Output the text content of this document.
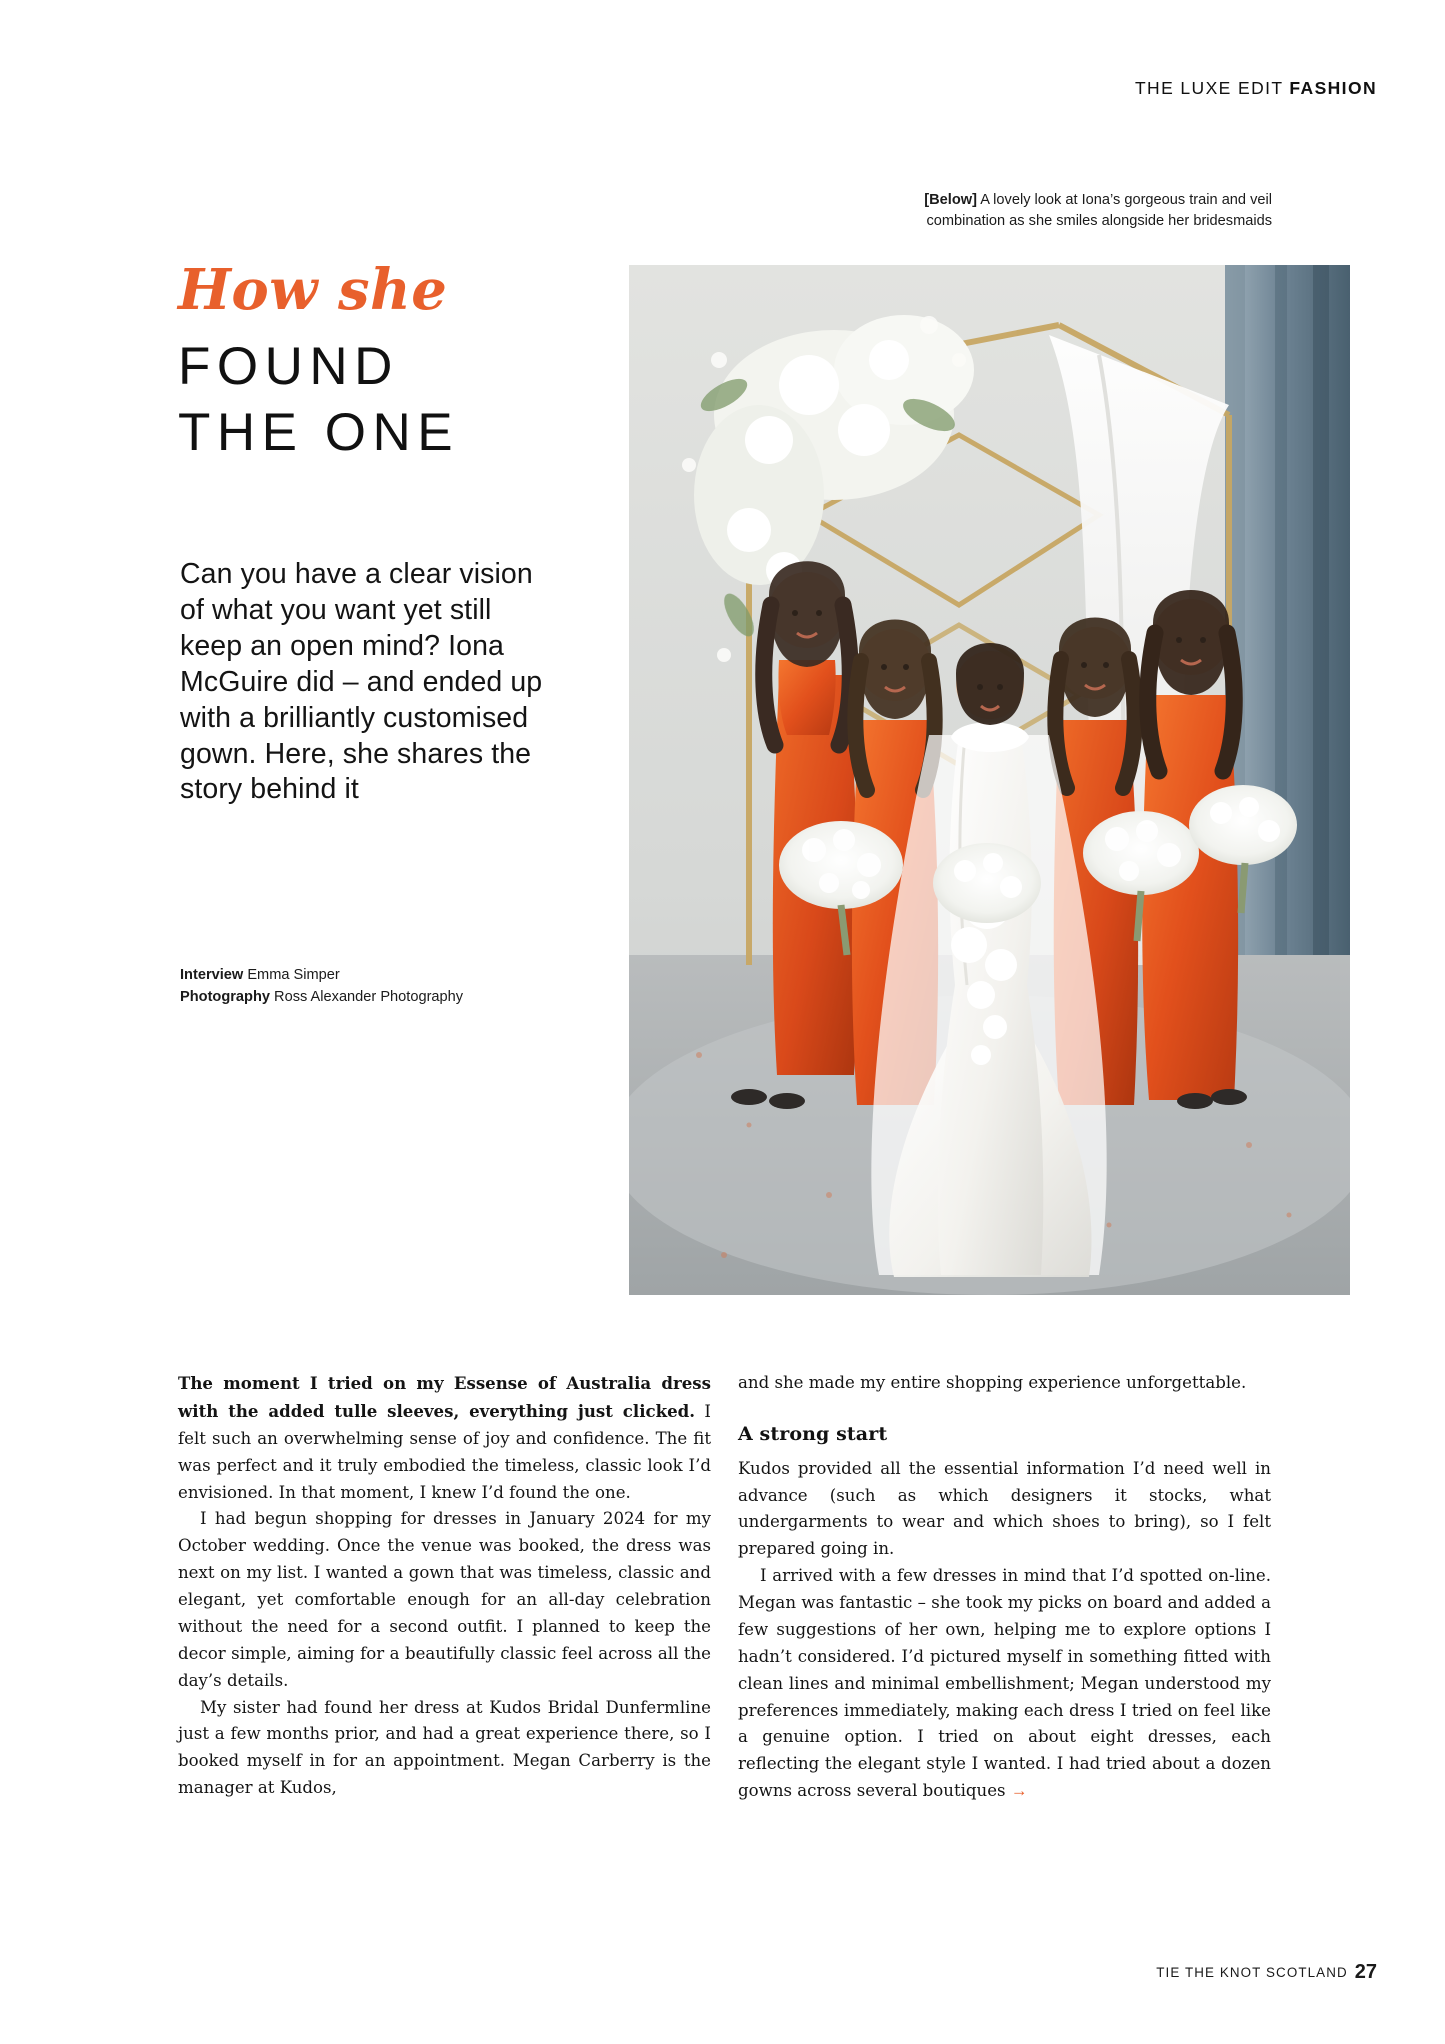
THE LUXE EDIT FASHION
[Below] A lovely look at Iona’s gorgeous train and veil combination as she smiles alongside her bridesmaids
How she
FOUND
THE ONE
Can you have a clear vision of what you want yet still keep an open mind? Iona McGuire did – and ended up with a brilliantly customised gown. Here, she shares the story behind it
Interview Emma Simper
Photography Ross Alexander Photography

The moment I tried on my Essense of Australia dress with the added tulle sleeves, everything just clicked. I felt such an overwhelming sense of joy and confidence. The fit was perfect and it truly embodied the timeless, classic look I’d envisioned. In that moment, I knew I’d found the one.

I had begun shopping for dresses in January 2024 for my October wedding. Once the venue was booked, the dress was next on my list. I wanted a gown that was timeless, classic and elegant, yet comfortable enough for an all-day celebration without the need for a second outfit. I planned to keep the decor simple, aiming for a beautifully classic feel across all the day’s details.

My sister had found her dress at Kudos Bridal Dunfermline just a few months prior, and had a great experience there, so I booked myself in for an appointment. Megan Carberry is the manager at Kudos,

and she made my entire shopping experience unforgettable.

A strong start

Kudos provided all the essential information I’d need well in advance (such as which designers it stocks, what undergarments to wear and which shoes to bring), so I felt prepared going in.

I arrived with a few dresses in mind that I’d spotted on-line. Megan was fantastic – she took my picks on board and added a few suggestions of her own, helping me to explore options I hadn’t considered. I’d pictured myself in something fitted with clean lines and minimal embellishment; Megan understood my preferences immediately, making each dress I tried on feel like a genuine option. I tried on about eight dresses, each reflecting the elegant style I wanted. I had tried about a dozen gowns across several boutiques →

TIE THE KNOT SCOTLAND 27
